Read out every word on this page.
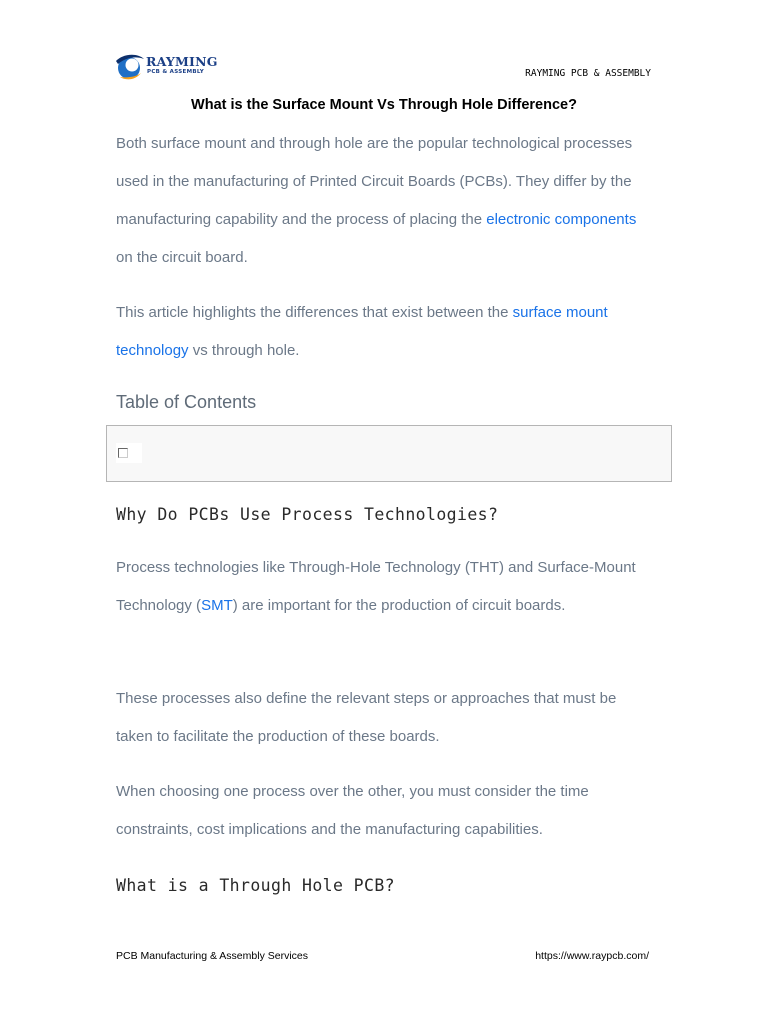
RAYMING
PCB & ASSEMBLY	RAYMING PCB & ASSEMBLY
What is the Surface Mount Vs Through Hole Difference?

Both surface mount and through hole are the popular technological processes used in the manufacturing of Printed Circuit Boards (PCBs). They differ by the manufacturing capability and the process of placing the electronic components on the circuit board.

This article highlights the differences that exist between the surface mount technology vs through hole.

Table of Contents
Why Do PCBs Use Process Technologies?

Process technologies like Through-Hole Technology (THT) and Surface-Mount Technology (SMT) are important for the production of circuit boards.

These processes also define the relevant steps or approaches that must be taken to facilitate the production of these boards.

When choosing one process over the other, you must consider the time constraints, cost implications and the manufacturing capabilities.

What is a Through Hole PCB?
PCB Manufacturing & Assembly Services	https://www.raypcb.com/
